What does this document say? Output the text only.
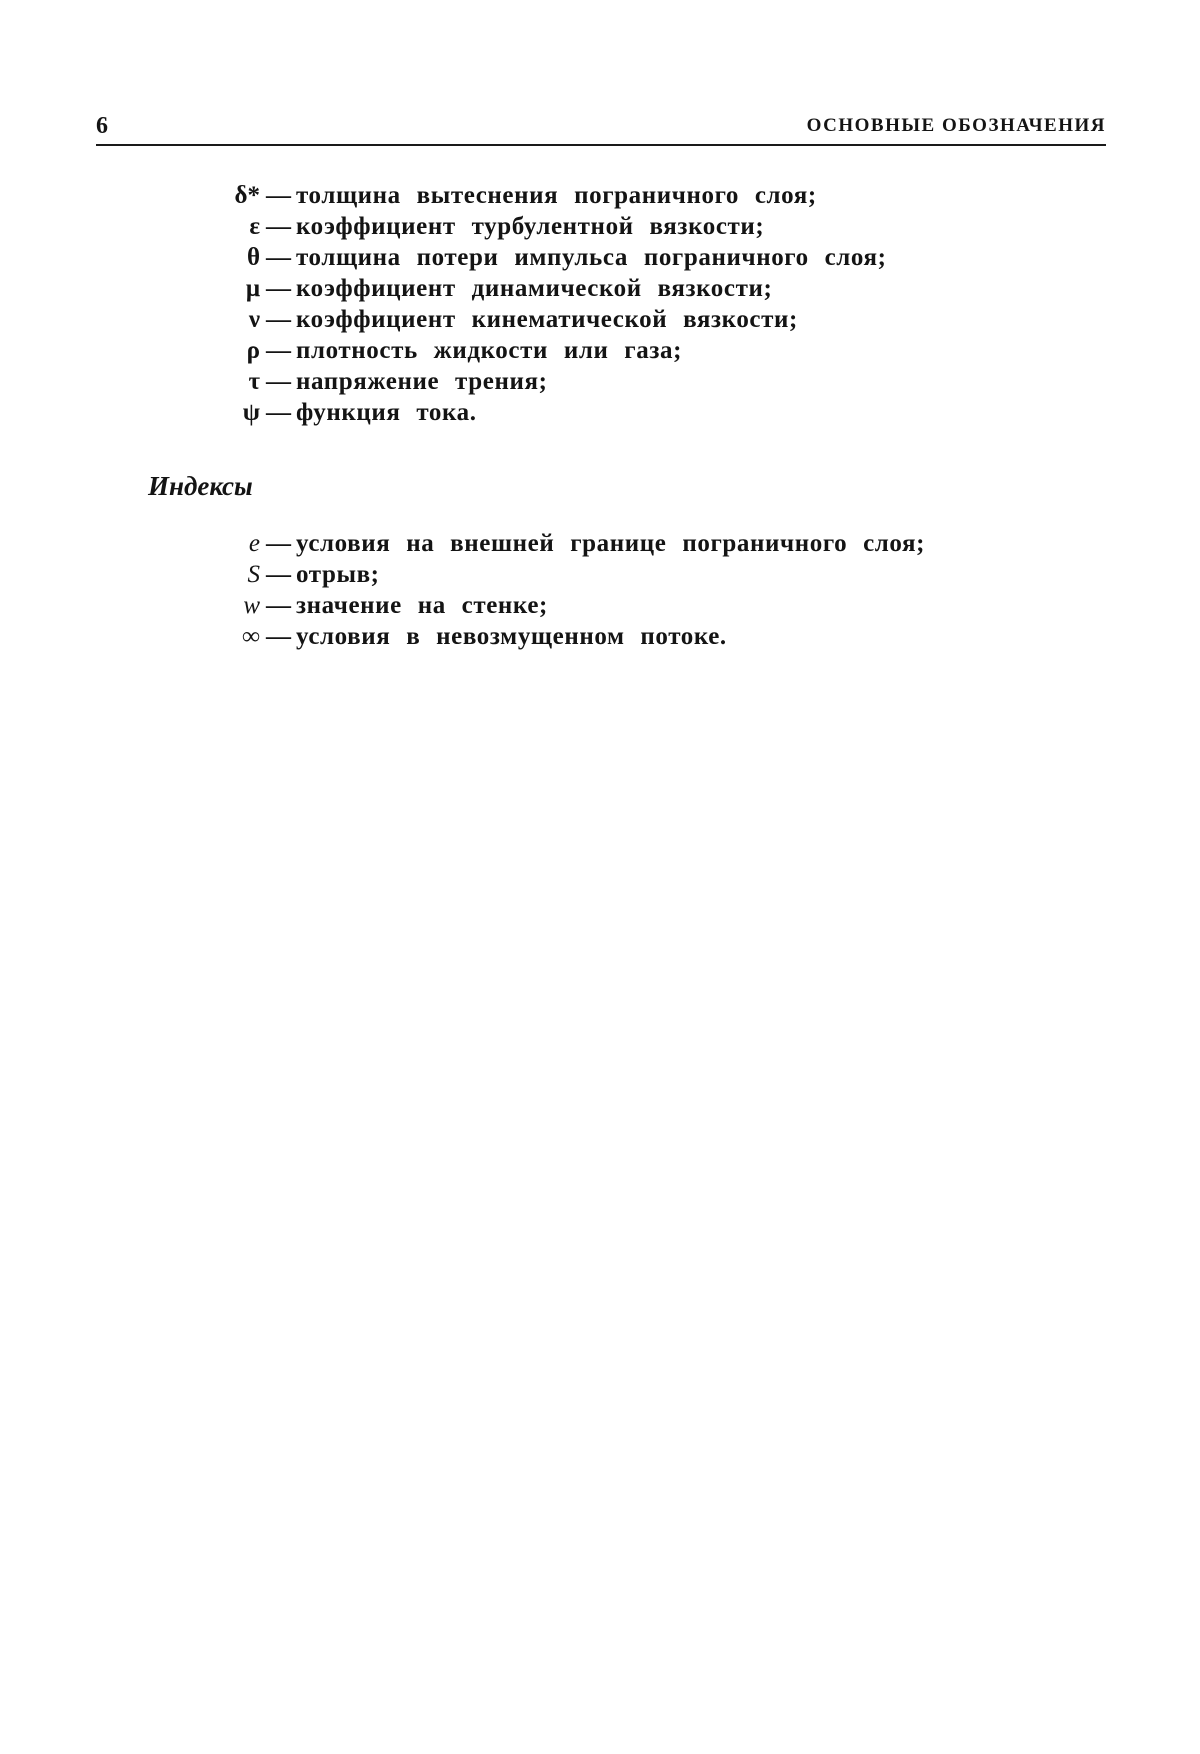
6	ОСНОВНЫЕ ОБОЗНАЧЕНИЯ
δ* — толщина вытеснения пограничного слоя;
ε — коэффициент турбулентной вязкости;
θ — толщина потери импульса пограничного слоя;
μ — коэффициент динамической вязкости;
ν — коэффициент кинематической вязкости;
ρ — плотность жидкости или газа;
τ — напряжение трения;
ψ — функция тока.
Индексы
e — условия на внешней границе пограничного слоя;
S — отрыв;
w — значение на стенке;
∞ — условия в невозмущенном потоке.
